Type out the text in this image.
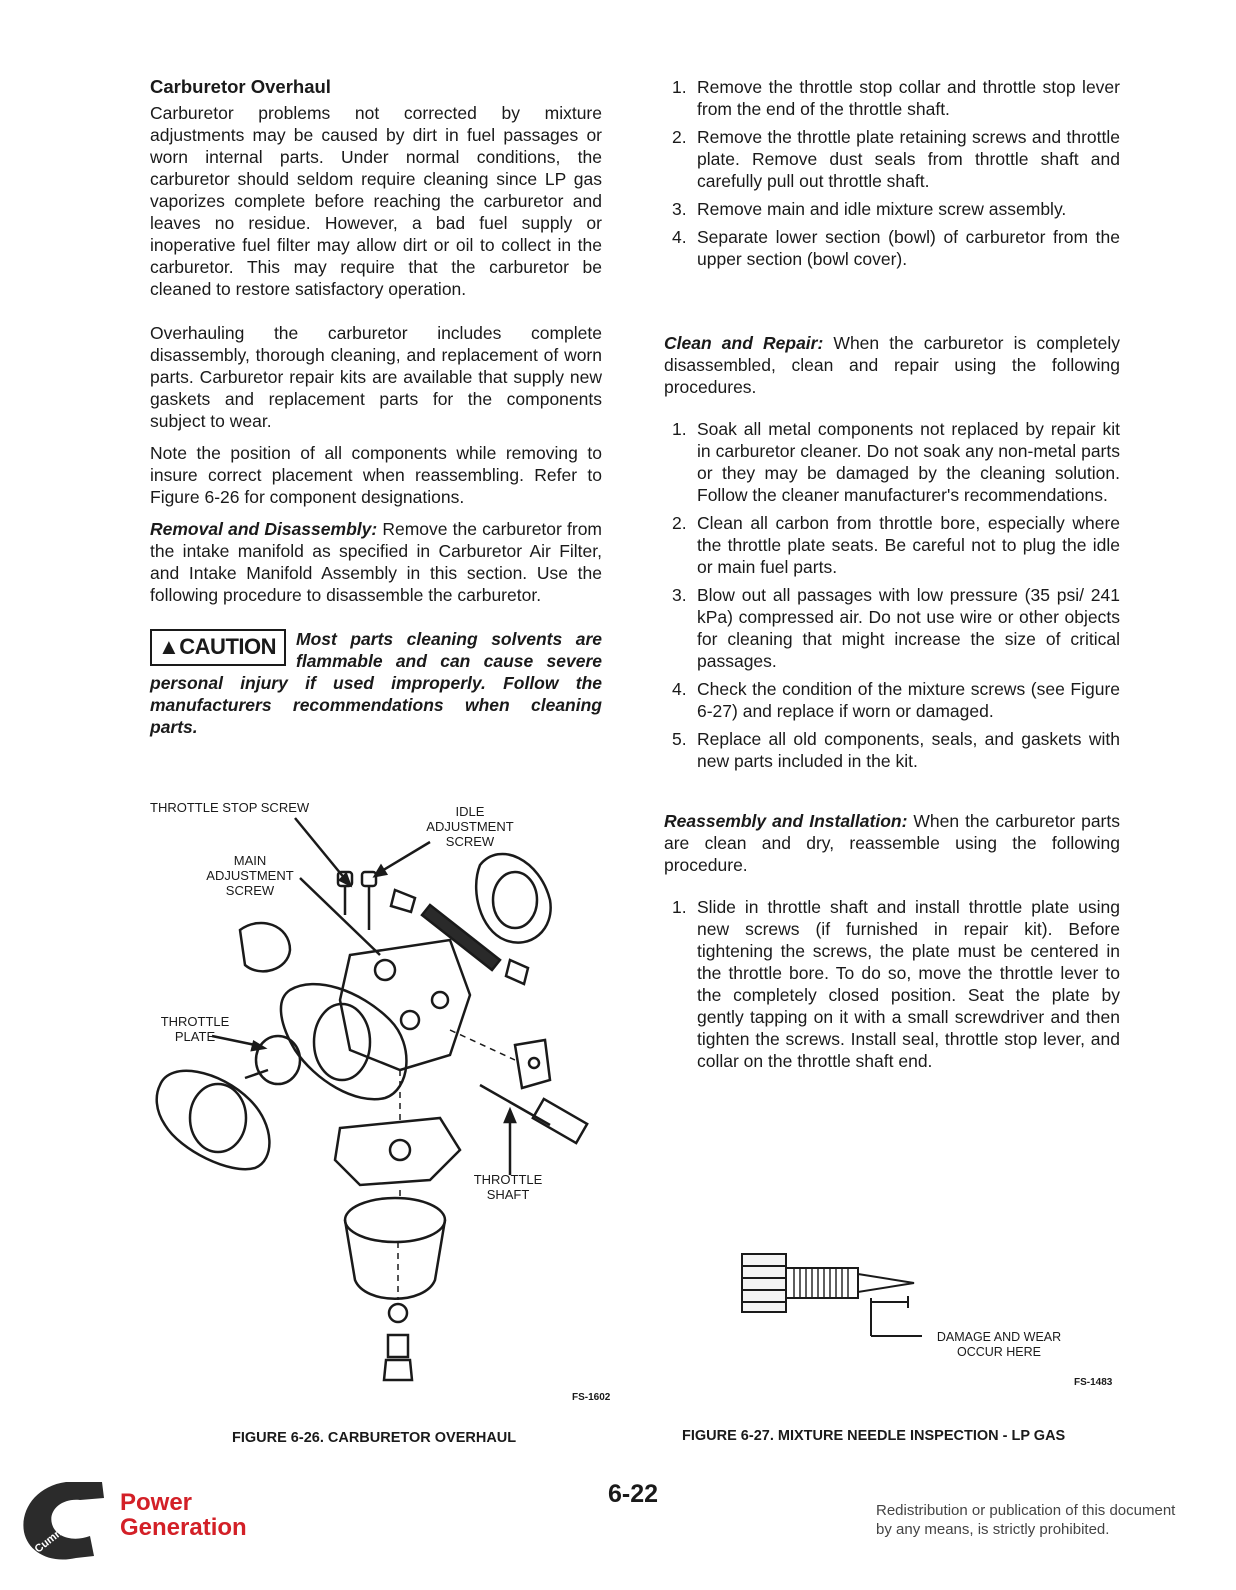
Carburetor Overhaul

Carburetor problems not corrected by mixture adjustments may be caused by dirt in fuel passages or worn internal parts. Under normal conditions, the carburetor should seldom require cleaning since LP gas vaporizes complete before reaching the carburetor and leaves no residue. However, a bad fuel supply or inoperative fuel filter may allow dirt or oil to collect in the carburetor. This may require that the carburetor be cleaned to restore satisfactory operation.

Overhauling the carburetor includes complete disassembly, thorough cleaning, and replacement of worn parts. Carburetor repair kits are available that supply new gaskets and replacement parts for the components subject to wear.

Note the position of all components while removing to insure correct placement when reassembling. Refer to Figure 6-26 for component designations.

Removal and Disassembly: Remove the carburetor from the intake manifold as specified in Carburetor Air Filter, and Intake Manifold Assembly in this section. Use the following procedure to disassemble the carburetor.

▲CAUTION	Most parts cleaning solvents are flammable and can cause severe personal injury if used improperly. Follow the manufacturers recommendations when cleaning parts.
1. Remove the throttle stop collar and throttle stop lever from the end of the throttle shaft.
2. Remove the throttle plate retaining screws and throttle plate. Remove dust seals from throttle shaft and carefully pull out throttle shaft.
3. Remove main and idle mixture screw assembly.
4. Separate lower section (bowl) of carburetor from the upper section (bowl cover).

Clean and Repair: When the carburetor is completely disassembled, clean and repair using the following procedures.

1. Soak all metal components not replaced by repair kit in carburetor cleaner. Do not soak any non-metal parts or they may be damaged by the cleaning solution. Follow the cleaner manufacturer's recommendations.
2. Clean all carbon from throttle bore, especially where the throttle plate seats. Be careful not to plug the idle or main fuel parts.
3. Blow out all passages with low pressure (35 psi/ 241 kPa) compressed air. Do not use wire or other objects for cleaning that might increase the size of critical passages.
4. Check the condition of the mixture screws (see Figure 6-27) and replace if worn or damaged.
5. Replace all old components, seals, and gaskets with new parts included in the kit.

Reassembly and Installation: When the carburetor parts are clean and dry, reassemble using the following procedure.

1. Slide in throttle shaft and install throttle plate using new screws (if furnished in repair kit). Before tightening the screws, the plate must be centered in the throttle bore. To do so, move the throttle lever to the completely closed position. Seat the plate by gently tapping on it with a small screwdriver and then tighten the screws. Install seal, throttle stop lever, and collar on the throttle shaft end.
THROTTLE STOP SCREW	IDLE ADJUSTMENT SCREW
MAIN ADJUSTMENT SCREW
THROTTLE PLATE
THROTTLE SHAFT
FS-1602
FIGURE 6-26. CARBURETOR OVERHAUL
DAMAGE AND WEAR OCCUR HERE
FS-1483
FIGURE 6-27. MIXTURE NEEDLE INSPECTION - LP GAS
6-22
Cummins
Power
Generation
Redistribution or publication of this document
by any means, is strictly prohibited.
